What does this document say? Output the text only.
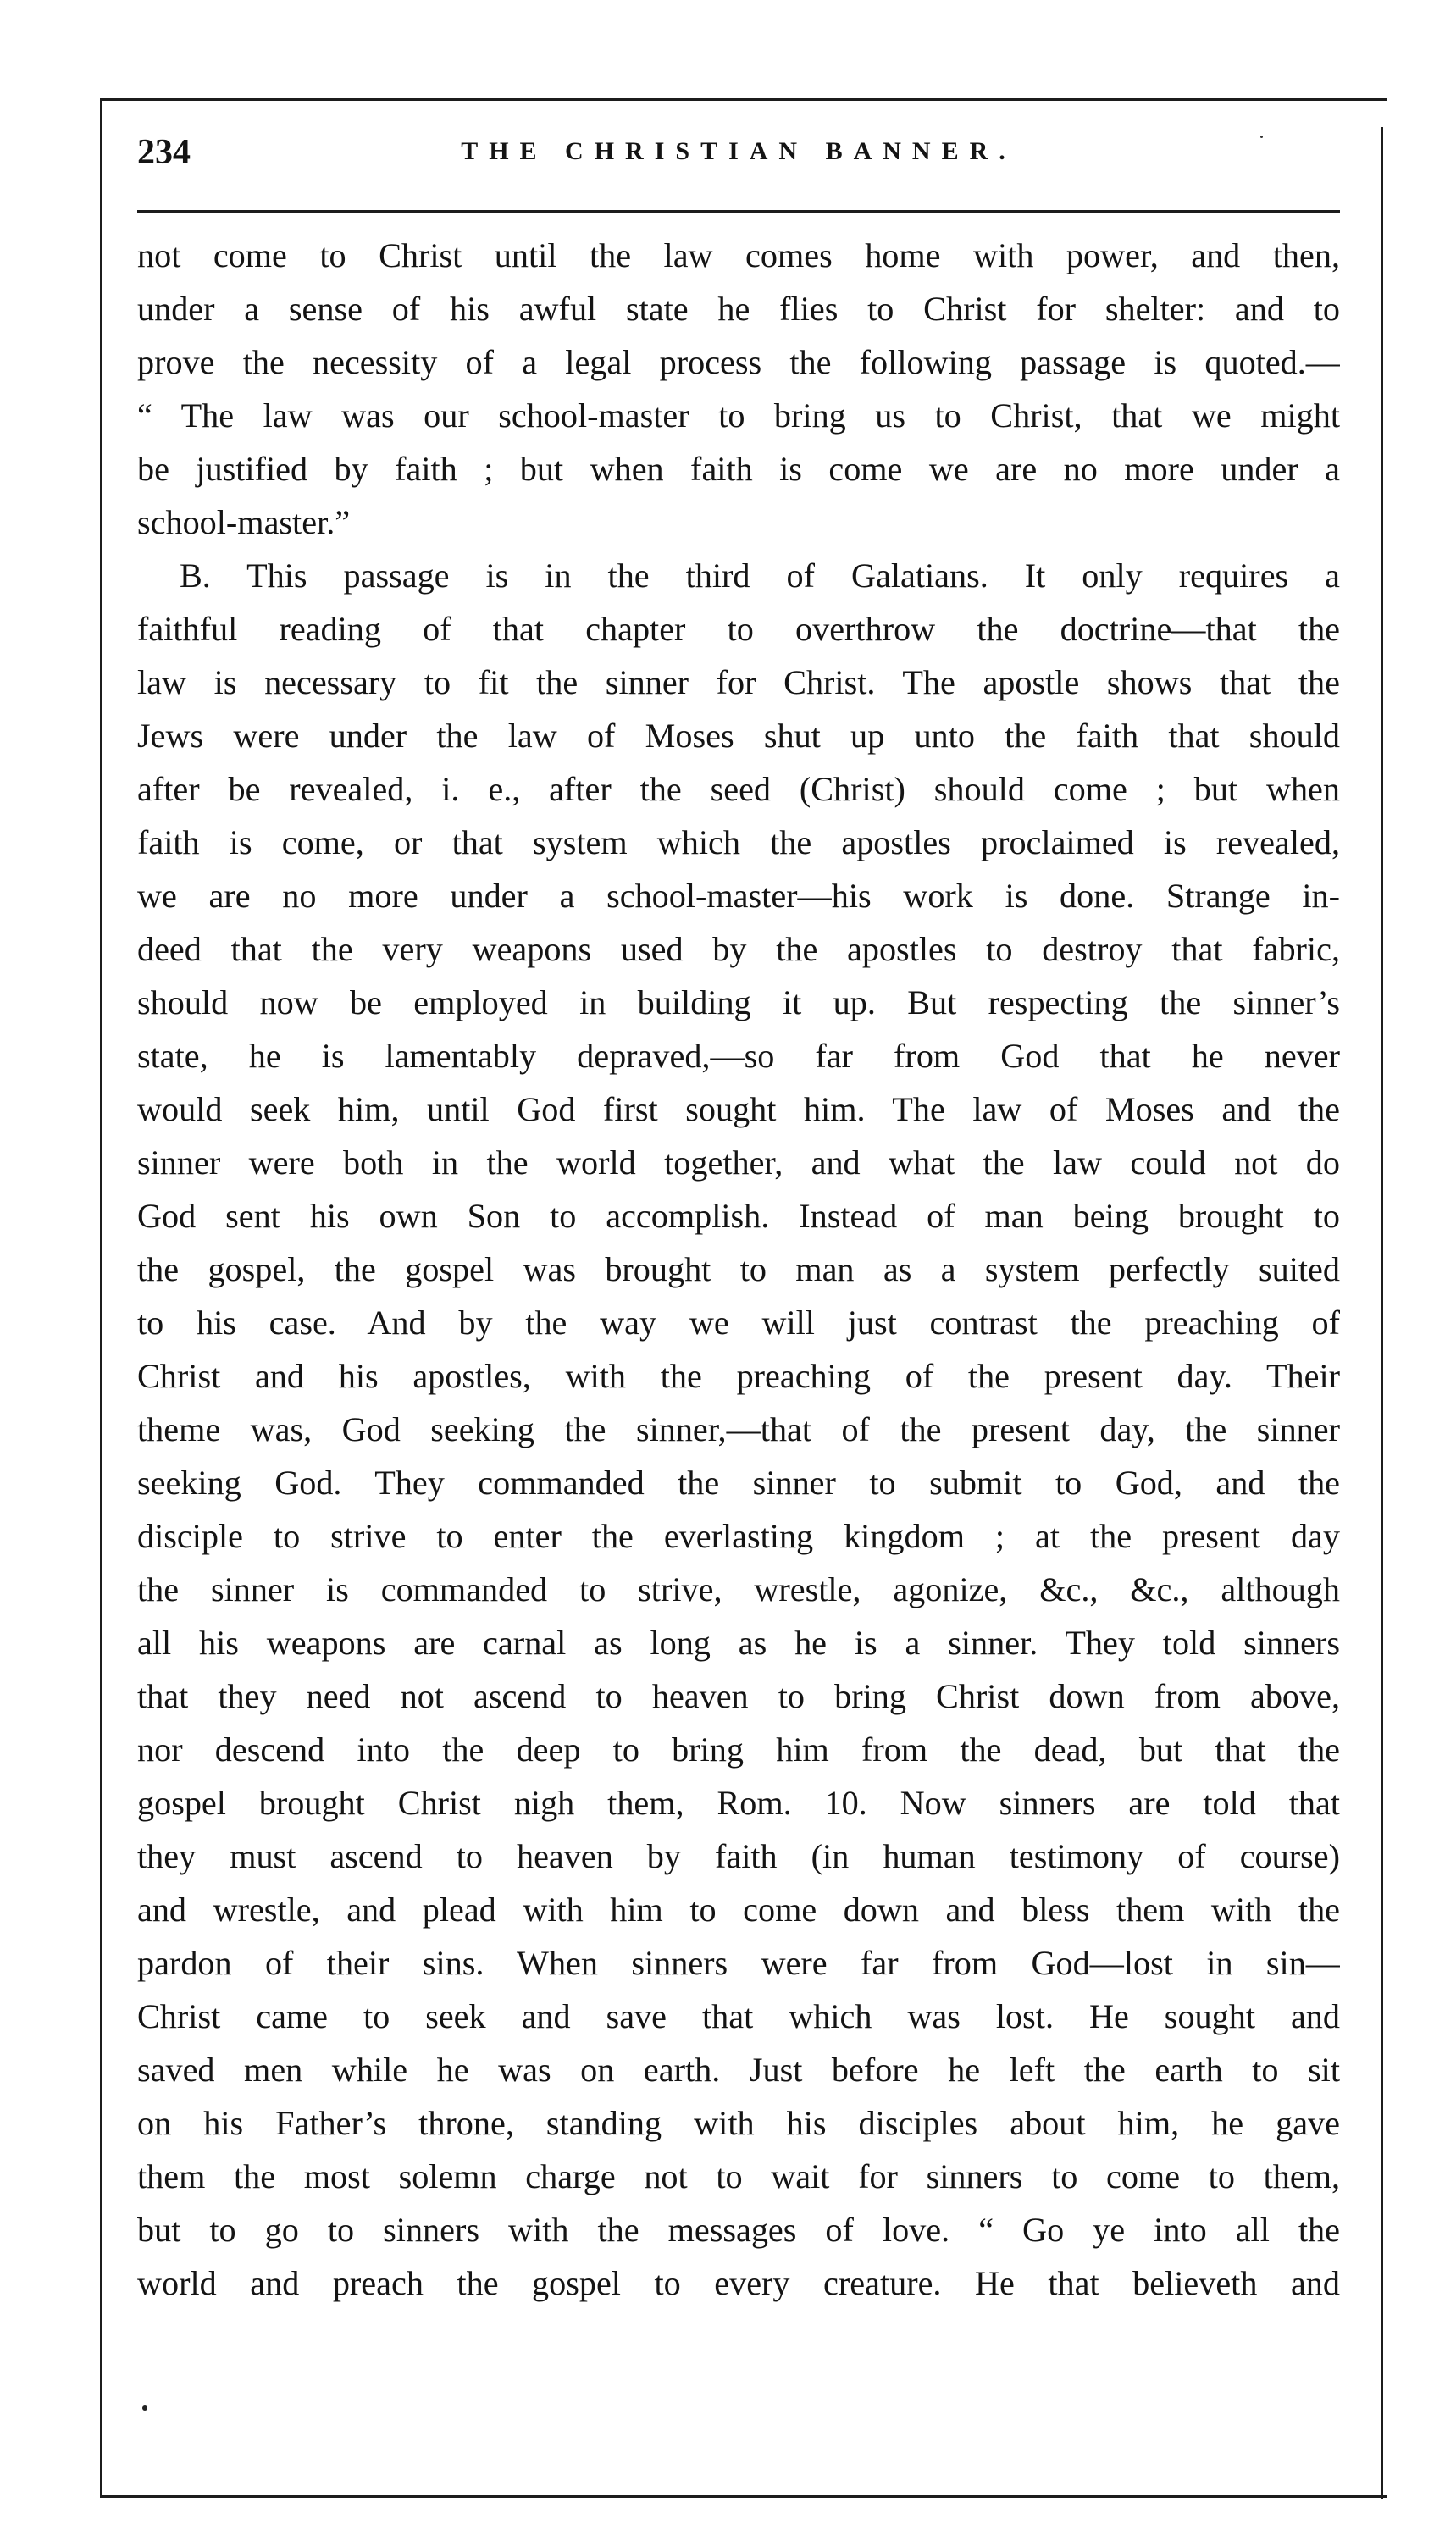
234	THE CHRISTIAN BANNER.
not come to Christ until the law comes home with power, and then,
under a sense of his awful state he flies to Christ for shelter: and to
prove the necessity of a legal process the following passage is quoted.—
“ The law was our school-master to bring us to Christ, that we might
be justified by faith ; but when faith is come we are no more under a
school-master.”
B. This passage is in the third of Galatians. It only requires a
faithful reading of that chapter to overthrow the doctrine—that the
law is necessary to fit the sinner for Christ. The apostle shows that the
Jews were under the law of Moses shut up unto the faith that should
after be revealed, i. e., after the seed (Christ) should come ; but when
faith is come, or that system which the apostles proclaimed is revealed,
we are no more under a school-master—his work is done. Strange in-
deed that the very weapons used by the apostles to destroy that fabric,
should now be employed in building it up. But respecting the sinner’s
state, he is lamentably depraved,—so far from God that he never
would seek him, until God first sought him. The law of Moses and the
sinner were both in the world together, and what the law could not do
God sent his own Son to accomplish. Instead of man being brought to
the gospel, the gospel was brought to man as a system perfectly suited
to his case. And by the way we will just contrast the preaching of
Christ and his apostles, with the preaching of the present day. Their
theme was, God seeking the sinner,—that of the present day, the sinner
seeking God. They commanded the sinner to submit to God, and the
disciple to strive to enter the everlasting kingdom ; at the present day
the sinner is commanded to strive, wrestle, agonize, &c., &c., although
all his weapons are carnal as long as he is a sinner. They told sinners
that they need not ascend to heaven to bring Christ down from above,
nor descend into the deep to bring him from the dead, but that the
gospel brought Christ nigh them, Rom. 10. Now sinners are told that
they must ascend to heaven by faith (in human testimony of course)
and wrestle, and plead with him to come down and bless them with the
pardon of their sins. When sinners were far from God—lost in sin—
Christ came to seek and save that which was lost. He sought and
saved men while he was on earth. Just before he left the earth to sit
on his Father’s throne, standing with his disciples about him, he gave
them the most solemn charge not to wait for sinners to come to them,
but to go to sinners with the messages of love. “ Go ye into all the
world and preach the gospel to every creature. He that believeth and
